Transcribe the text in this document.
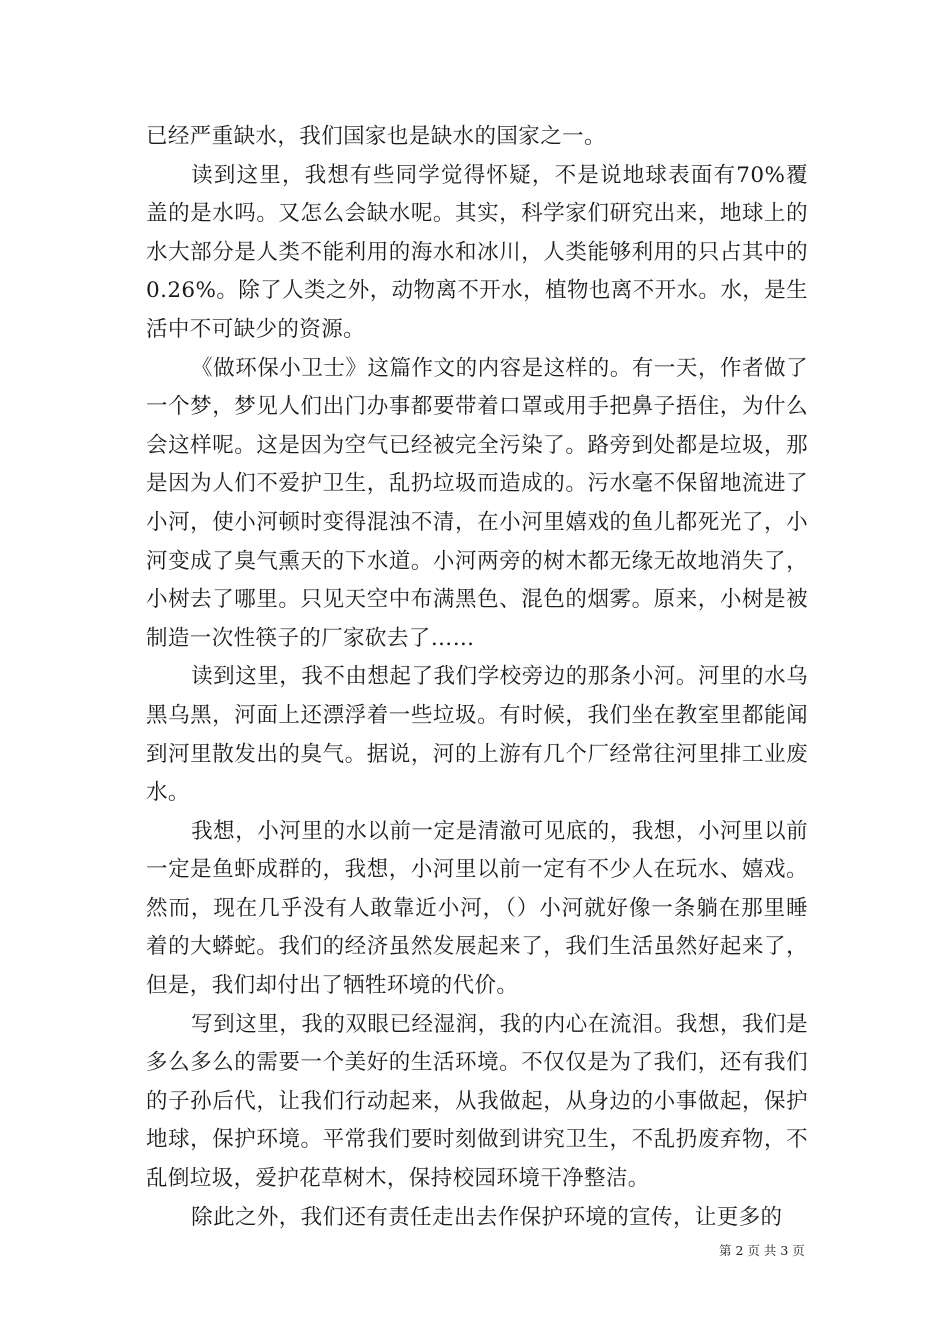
已经严重缺水，我们国家也是缺水的国家之一。

读到这里，我想有些同学觉得怀疑，不是说地球表面有70%覆盖的是水吗。又怎么会缺水呢。其实，科学家们研究出来，地球上的水大部分是人类不能利用的海水和冰川，人类能够利用的只占其中的0.26%。除了人类之外，动物离不开水，植物也离不开水。水，是生活中不可缺少的资源。

《做环保小卫士》这篇作文的内容是这样的。有一天，作者做了一个梦，梦见人们出门办事都要带着口罩或用手把鼻子捂住，为什么会这样呢。这是因为空气已经被完全污染了。路旁到处都是垃圾，那是因为人们不爱护卫生，乱扔垃圾而造成的。污水毫不保留地流进了小河，使小河顿时变得混浊不清，在小河里嬉戏的鱼儿都死光了，小河变成了臭气熏天的下水道。小河两旁的树木都无缘无故地消失了，小树去了哪里。只见天空中布满黑色、混色的烟雾。原来，小树是被制造一次性筷子的厂家砍去了……

读到这里，我不由想起了我们学校旁边的那条小河。河里的水乌黑乌黑，河面上还漂浮着一些垃圾。有时候，我们坐在教室里都能闻到河里散发出的臭气。据说，河的上游有几个厂经常往河里排工业废水。

我想，小河里的水以前一定是清澈可见底的，我想，小河里以前一定是鱼虾成群的，我想，小河里以前一定有不少人在玩水、嬉戏。然而，现在几乎没有人敢靠近小河，（）小河就好像一条躺在那里睡着的大蟒蛇。我们的经济虽然发展起来了，我们生活虽然好起来了，但是，我们却付出了牺牲环境的代价。

写到这里，我的双眼已经湿润，我的内心在流泪。我想，我们是多么多么的需要一个美好的生活环境。不仅仅是为了我们，还有我们的子孙后代，让我们行动起来，从我做起，从身边的小事做起，保护地球，保护环境。平常我们要时刻做到讲究卫生，不乱扔废弃物，不乱倒垃圾，爱护花草树木，保持校园环境干净整洁。

除此之外，我们还有责任走出去作保护环境的宣传，让更多的

第 2 页 共 3 页
